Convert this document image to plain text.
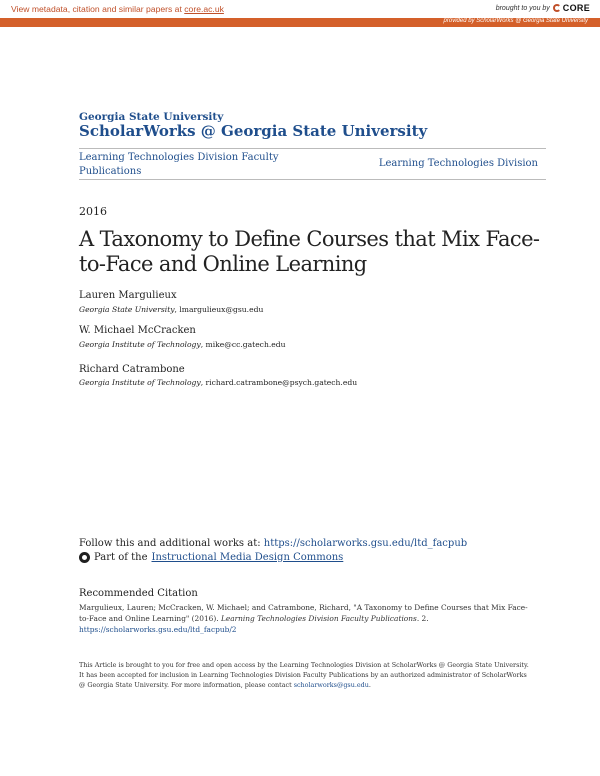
View metadata, citation and similar papers at core.ac.uk	brought to you by CORE
provided by ScholarWorks @ Georgia State University
Georgia State University
ScholarWorks @ Georgia State University
Learning Technologies Division Faculty Publications
Learning Technologies Division
2016
A Taxonomy to Define Courses that Mix Face-to-Face and Online Learning
Lauren Margulieux
Georgia State University, lmargulieux@gsu.edu
W. Michael McCracken
Georgia Institute of Technology, mike@cc.gatech.edu
Richard Catrambone
Georgia Institute of Technology, richard.catrambone@psych.gatech.edu
Follow this and additional works at: https://scholarworks.gsu.edu/ltd_facpub
Part of the Instructional Media Design Commons
Recommended Citation
Margulieux, Lauren; McCracken, W. Michael; and Catrambone, Richard, "A Taxonomy to Define Courses that Mix Face-to-Face and Online Learning" (2016). Learning Technologies Division Faculty Publications. 2.
https://scholarworks.gsu.edu/ltd_facpub/2
This Article is brought to you for free and open access by the Learning Technologies Division at ScholarWorks @ Georgia State University. It has been accepted for inclusion in Learning Technologies Division Faculty Publications by an authorized administrator of ScholarWorks @ Georgia State University. For more information, please contact scholarworks@gsu.edu.
